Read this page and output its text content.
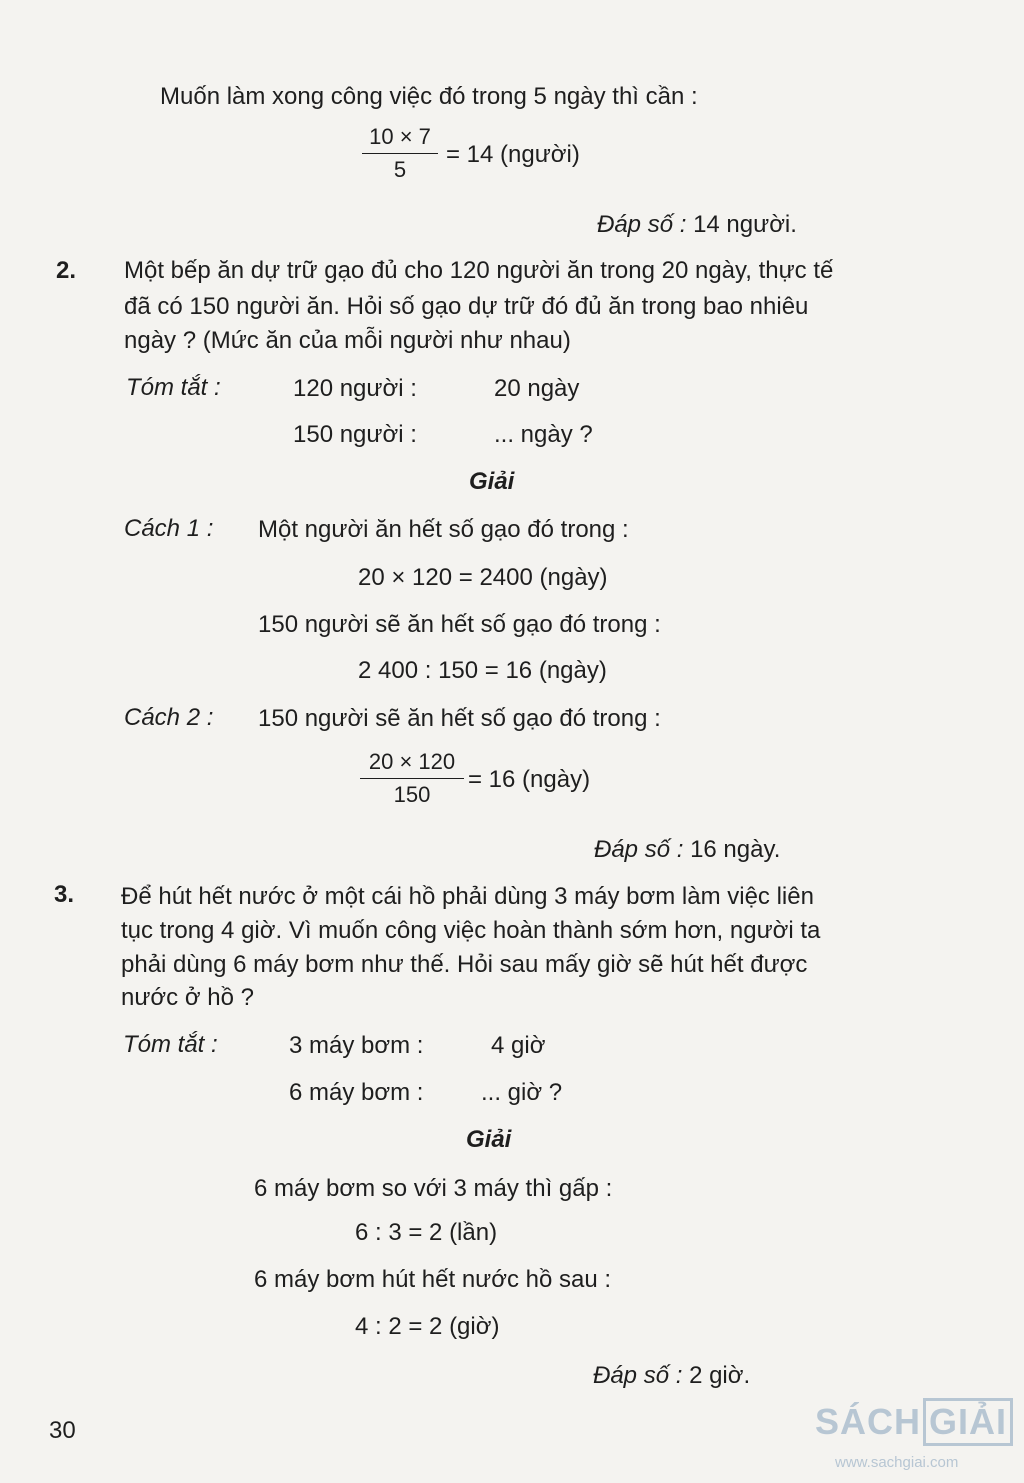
Muốn làm xong công việc đó trong 5 ngày thì cần :
10 × 7
5
= 14 (người)
Đáp số : 14 người.
2. Một bếp ăn dự trữ gạo đủ cho 120 người ăn trong 20 ngày, thực tế
đã có 150 người ăn. Hỏi số gạo dự trữ đó đủ ăn trong bao nhiêu
ngày ? (Mức ăn của mỗi người như nhau)
Tóm tắt :	120 người :	20 ngày
150 người :	... ngày ?
Giải
Cách 1 : Một người ăn hết số gạo đó trong :
20 × 120 = 2400 (ngày)
150 người sẽ ăn hết số gạo đó trong :
2 400 : 150 = 16 (ngày)
Cách 2 : 150 người sẽ ăn hết số gạo đó trong :
20 × 120
150
= 16 (ngày)
Đáp số : 16 ngày.
3. Để hút hết nước ở một cái hồ phải dùng 3 máy bơm làm việc liên
tục trong 4 giờ. Vì muốn công việc hoàn thành sớm hơn, người ta
phải dùng 6 máy bơm như thế. Hỏi sau mấy giờ sẽ hút hết được
nước ở hồ ?
Tóm tắt :	3 máy bơm :	4 giờ
6 máy bơm : ... giờ ?
Giải
6 máy bơm so với 3 máy thì gấp :
6 : 3 = 2 (lần)
6 máy bơm hút hết nước hồ sau :
4 : 2 = 2 (giờ)
Đáp số : 2 giờ.
30	SÁCH GIẢI
www.sachgiai.com
